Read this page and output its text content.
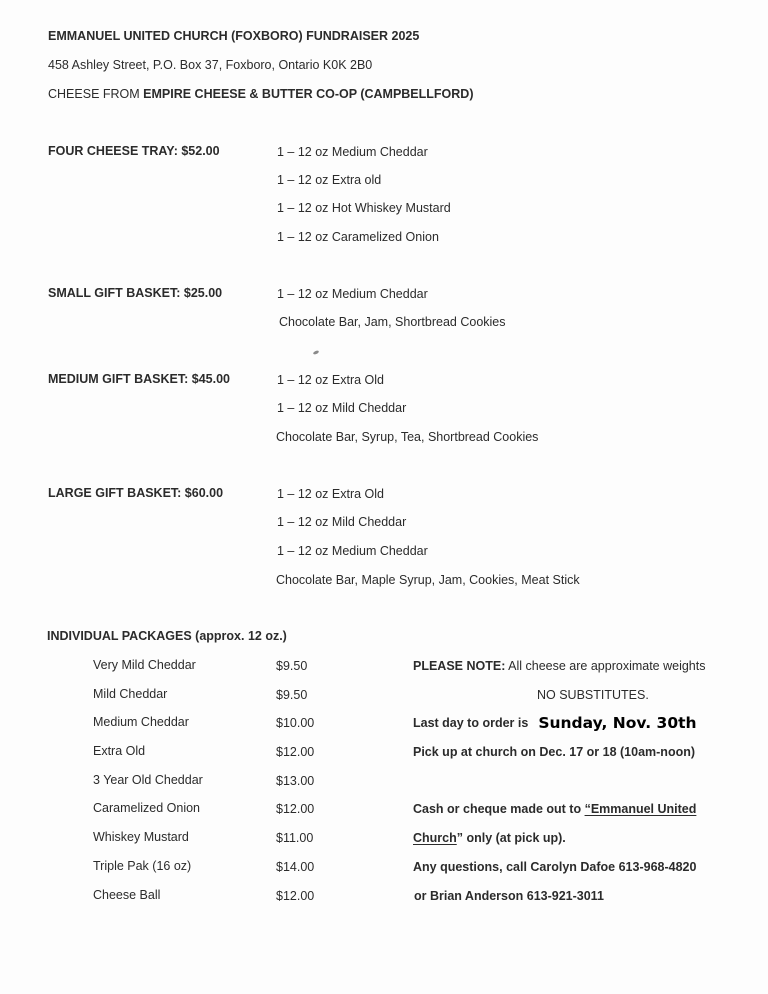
EMMANUEL UNITED CHURCH (FOXBORO) FUNDRAISER 2025
458 Ashley Street, P.O. Box 37, Foxboro, Ontario K0K 2B0
CHEESE FROM EMPIRE CHEESE & BUTTER CO-OP (CAMPBELLFORD)
FOUR CHEESE TRAY: $52.00	1 – 12 oz Medium Cheddar
1 – 12 oz Extra old
1 – 12 oz Hot Whiskey Mustard
1 – 12 oz Caramelized Onion
SMALL GIFT BASKET: $25.00	1 – 12 oz Medium Cheddar
Chocolate Bar, Jam, Shortbread Cookies
MEDIUM GIFT BASKET: $45.00	1 – 12 oz Extra Old
1 – 12 oz Mild Cheddar
Chocolate Bar, Syrup, Tea, Shortbread Cookies
LARGE GIFT BASKET: $60.00	1 – 12 oz Extra Old
1 – 12 oz Mild Cheddar
1 – 12 oz Medium Cheddar
Chocolate Bar, Maple Syrup, Jam, Cookies, Meat Stick
INDIVIDUAL PACKAGES (approx. 12 oz.)
Very Mild Cheddar	$9.50
Mild Cheddar	$9.50
Medium Cheddar	$10.00
Extra Old	$12.00
3 Year Old Cheddar	$13.00
Caramelized Onion	$12.00
Whiskey Mustard	$11.00
Triple Pak (16 oz)	$14.00
Cheese Ball	$12.00
PLEASE NOTE: All cheese are approximate weights
NO SUBSTITUTES.
Last day to order is Sunday, Nov. 30th
Pick up at church on Dec. 17 or 18 (10am-noon)
Cash or cheque made out to “Emmanuel United
Church” only (at pick up).
Any questions, call Carolyn Dafoe 613-968-4820
or Brian Anderson 613-921-3011
